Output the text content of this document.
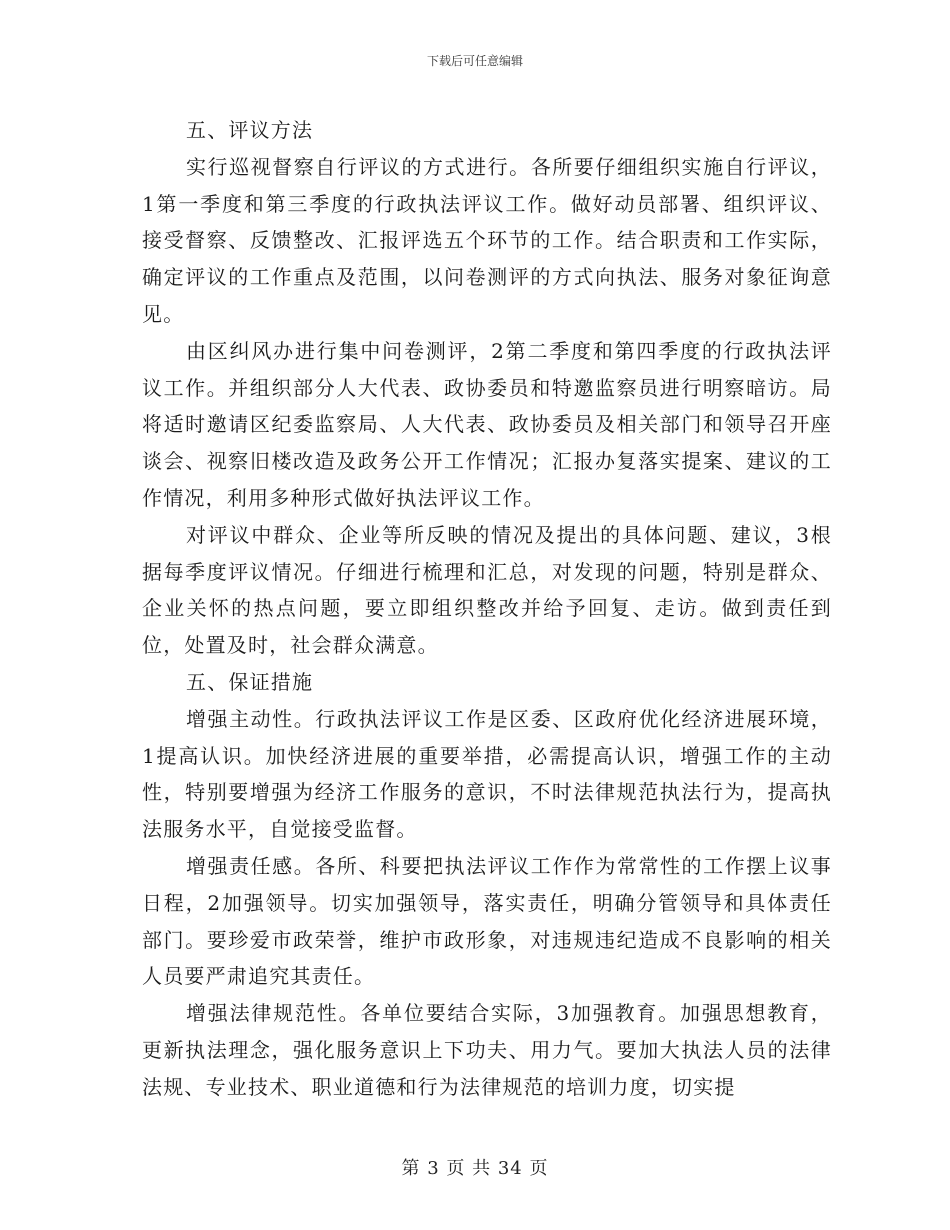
下载后可任意编辑

五、评议方法

实行巡视督察自行评议的方式进行。各所要仔细组织实施自行评议，1第一季度和第三季度的行政执法评议工作。做好动员部署、组织评议、接受督察、反馈整改、汇报评选五个环节的工作。结合职责和工作实际，确定评议的工作重点及范围，以问卷测评的方式向执法、服务对象征询意见。

由区纠风办进行集中问卷测评，2第二季度和第四季度的行政执法评议工作。并组织部分人大代表、政协委员和特邀监察员进行明察暗访。局将适时邀请区纪委监察局、人大代表、政协委员及相关部门和领导召开座谈会、视察旧楼改造及政务公开工作情况；汇报办复落实提案、建议的工作情况，利用多种形式做好执法评议工作。

对评议中群众、企业等所反映的情况及提出的具体问题、建议，3根据每季度评议情况。仔细进行梳理和汇总，对发现的问题，特别是群众、企业关怀的热点问题，要立即组织整改并给予回复、走访。做到责任到位，处置及时，社会群众满意。

五、保证措施

增强主动性。行政执法评议工作是区委、区政府优化经济进展环境，1提高认识。加快经济进展的重要举措，必需提高认识，增强工作的主动性，特别要增强为经济工作服务的意识，不时法律规范执法行为，提高执法服务水平，自觉接受监督。

增强责任感。各所、科要把执法评议工作作为常常性的工作摆上议事日程，2加强领导。切实加强领导，落实责任，明确分管领导和具体责任部门。要珍爱市政荣誉，维护市政形象，对违规违纪造成不良影响的相关人员要严肃追究其责任。

增强法律规范性。各单位要结合实际，3加强教育。加强思想教育，更新执法理念，强化服务意识上下功夫、用力气。要加大执法人员的法律法规、专业技术、职业道德和行为法律规范的培训力度，切实提

第 3 页 共 34 页
